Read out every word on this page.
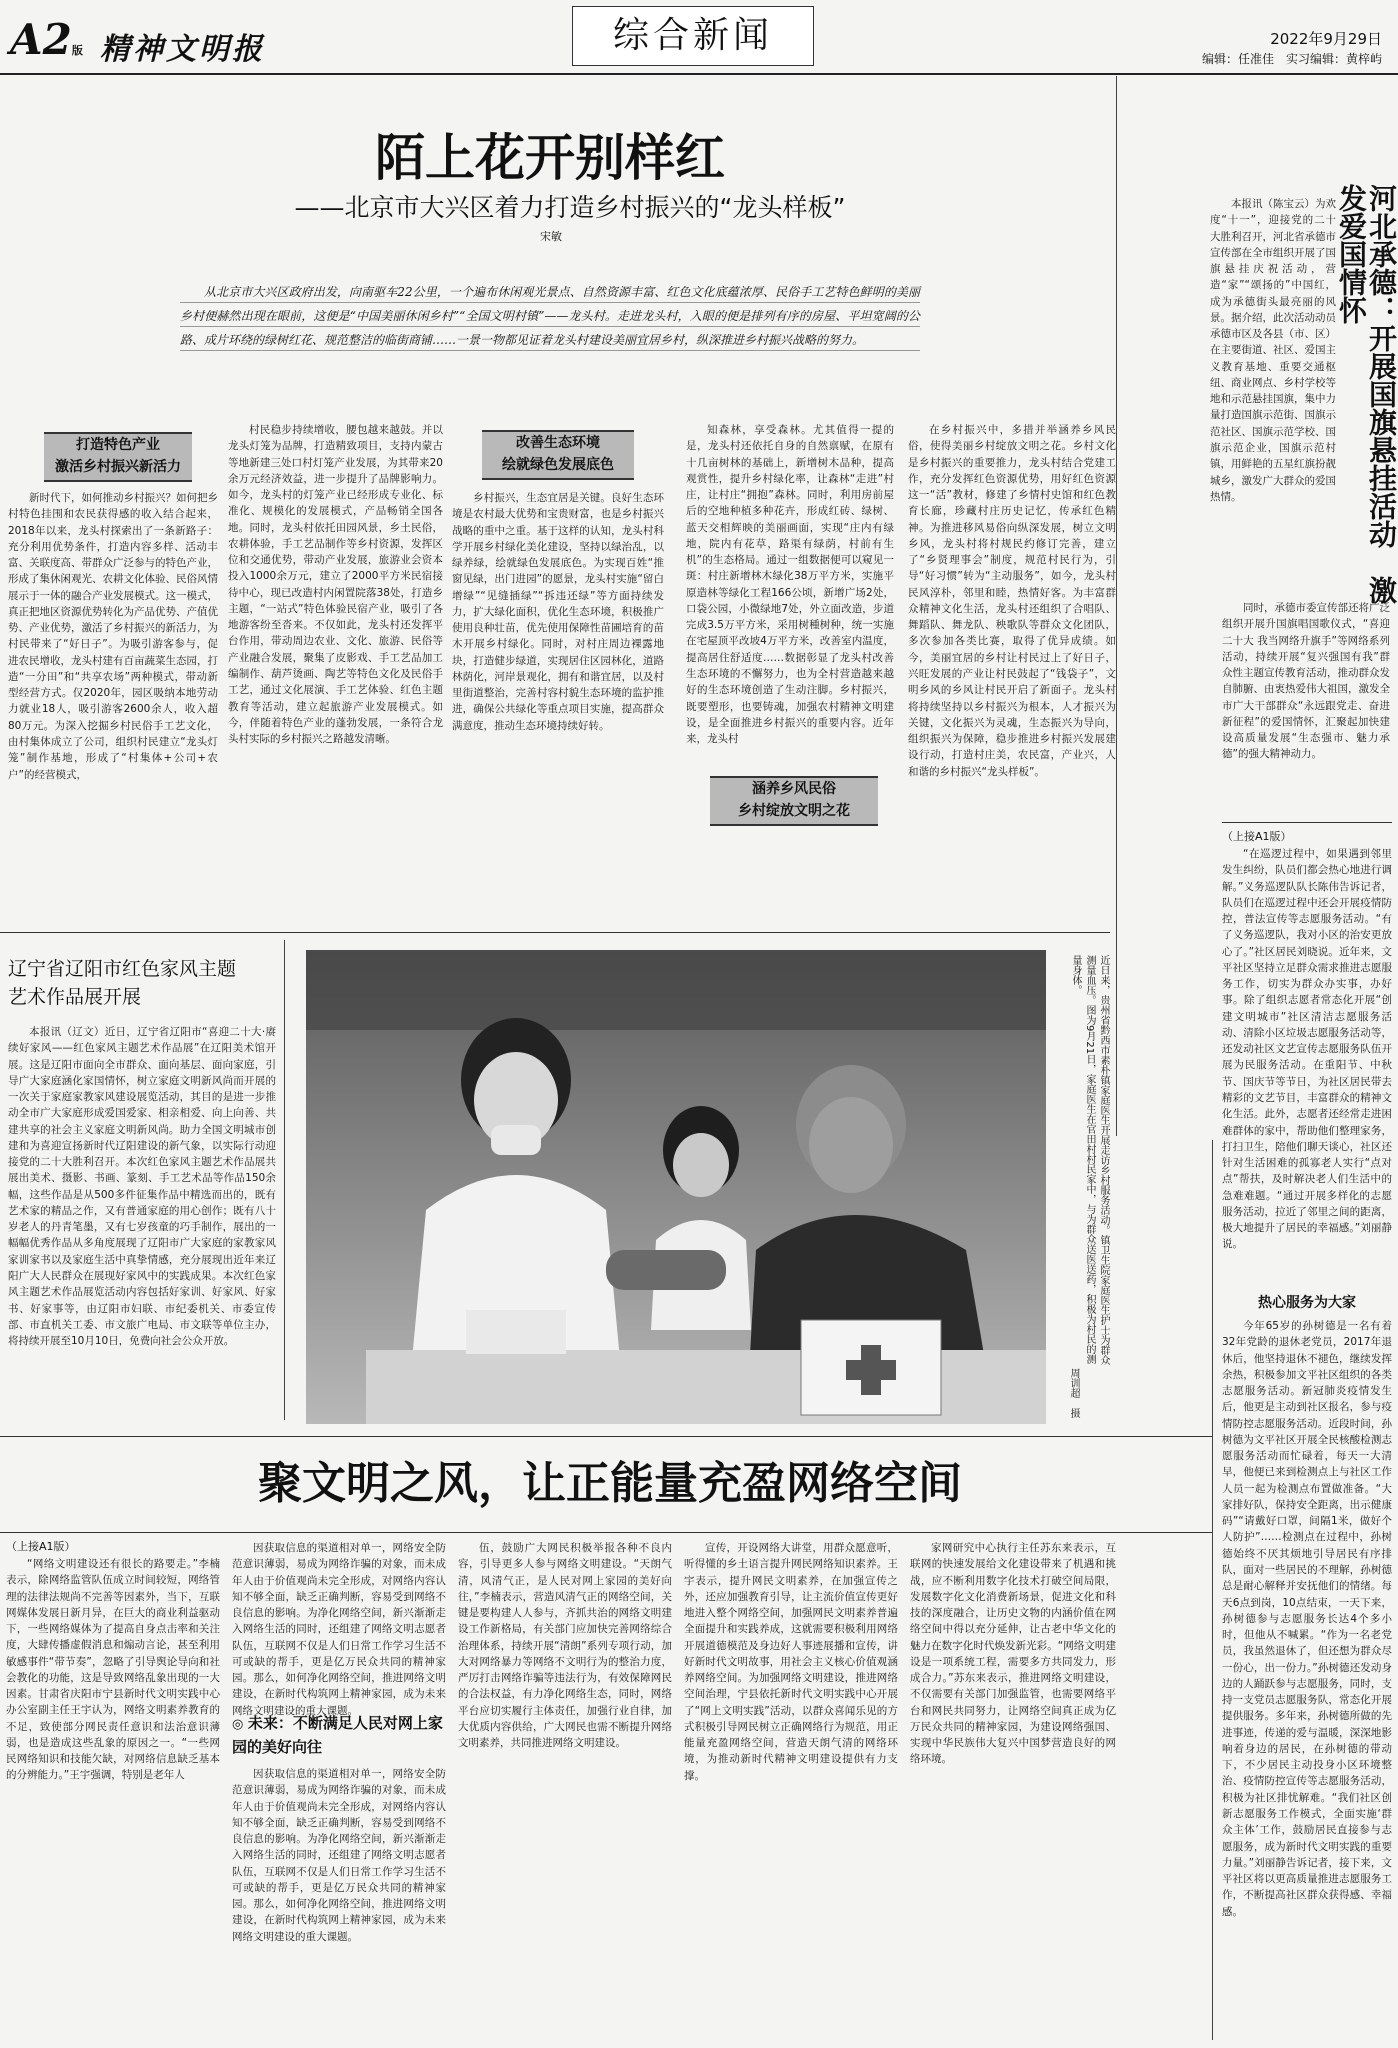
A2版 精神文明报	综合新闻	2022年9月29日
编辑：任准佳　实习编辑：黄梓屿
陌上花开别样红
——北京市大兴区着力打造乡村振兴的“龙头样板”
宋敏
从北京市大兴区政府出发，向南驱车22公里，一个遍布休闲观光景点、自然资源丰富、红色文化底蕴浓厚、民俗手工艺特色鲜明的美丽乡村便赫然出现在眼前，这便是“中国美丽休闲乡村”“全国文明村镇”——龙头村。走进龙头村，入眼的便是排列有序的房屋、平坦宽阔的公路、成片环绕的绿树红花、规范整洁的临街商铺……一景一物都见证着龙头村建设美丽宜居乡村，纵深推进乡村振兴战略的努力。

新时代下，如何推动乡村振兴？如何把乡村特色挂围和农民获得感的收入结合起来，2018年以来，龙头村探索出了一条新路子：充分利用优势条件，打造内容多样、活动丰富、关联度高、带群众广泛参与的特色产业，形成了集休闲观光、农耕文化体验、民俗风情展示于一体的融合产业发展模式。这一模式，真正把地区资源优势转化为产品优势、产值优势、产业优势，激活了乡村振兴的新活力，为村民带来了“好日子”。为吸引游客参与，促进农民增收，龙头村建有百亩蔬菜生态园，打造“一分田”和“共享农场”两种模式，带动新型经营方式。仅2020年，园区吸纳本地劳动力就业18人，吸引游客2600余人，收入超80万元。为深入挖掘乡村民俗手工艺文化，由村集体成立了公司，组织村民建立“龙头灯笼”制作基地，形成了“村集体+公司+农户”的经营模式，

村民稳步持续增收，腰包越来越鼓。并以龙头灯笼为品牌，打造精致项目，支持内蒙古等地新建三处口村灯笼产业发展，为其带来20余万元经济效益，进一步提升了品牌影响力。如今，龙头村的灯笼产业已经形成专业化、标准化、规模化的发展模式，产品畅销全国各地。同时，龙头村依托田园风景，乡土民俗，农耕体验，手工艺品制作等乡村资源，发挥区位和交通优势，带动产业发展，旅游业会资本投入1000余万元，建立了2000平方米民宿接待中心，现已改造村内闲置院落38处，打造乡主题，“一站式”特色体验民宿产业，吸引了各地游客纷至沓来。不仅如此，龙头村还发挥平台作用，带动周边农业、文化、旅游、民俗等产业融合发展，聚集了皮影戏、手工艺品加工编制作、葫芦烫画、陶艺等特色文化及民俗手工艺，通过文化展演、手工艺体验、红色主题教育等活动，建立起旅游产业发展模式。如今，伴随着特色产业的蓬勃发展，一条符合龙头村实际的乡村振兴之路越发清晰。

乡村振兴，生态宜居是关键。良好生态环境是农村最大优势和宝贵财富，也是乡村振兴战略的重中之重。基于这样的认知，龙头村科学开展乡村绿化美化建设，坚持以绿治乱，以绿养绿，绘就绿色发展底色。为实现百姓“推窗见绿，出门进园”的愿景，龙头村实施“留白增绿”“见缝插绿”“拆违还绿”等方面持续发力，扩大绿化面积，优化生态环境，积极推广使用良种壮苗，优先使用保障性苗圃培育的苗木开展乡村绿化。同时，对村庄周边裸露地块，打造健步绿道，实现居住区园林化，道路林荫化，河岸景观化，拥有和谐宜居，以及村里街道整治，完善村容村貌生态环境的监护推进，确保公共绿化等重点项目实施，提高群众满意度，推动生态环境持续好转。

知森林，享受森林。尤其值得一提的是，龙头村还依托自身的自然禀赋，在原有十几亩树林的基础上，新增树木品种，提高观赏性，提升乡村绿化率，让森林“走进”村庄，让村庄“拥抱”森林。同时，利用房前屋后的空地种植多种花卉，形成红砖、绿树、蓝天交相辉映的美丽画面，实现“庄内有绿地，院内有花草，路渠有绿荫，村前有生机”的生态格局。通过一组数据便可以窥见一斑：村庄新增林木绿化38万平方米，实施平原造林等绿化工程166公顷，新增广场2处，口袋公园，小微绿地7处，外立面改造，步道完成3.5万平方米，采用树種树种，统一实施在宅屋顶平改坡4万平方米，改善室内温度，提高居住舒适度……数据彰显了龙头村改善生态环境的不懈努力，也为全村营造越来越好的生态环境创造了生动注脚。乡村振兴，既要塑形，也要铸魂，加强农村精神文明建设，是全面推进乡村振兴的重要内容。近年来，龙头村

在乡村振兴中，多措并举涵养乡风民俗，使得美丽乡村绽放文明之花。乡村文化是乡村振兴的重要推力，龙头村结合党建工作，充分发挥红色资源优势，用好红色资源这一“活”教材，修建了乡情村史馆和红色教育长廊，珍藏村庄历史记忆，传承红色精神。为推进移风易俗向纵深发展，树立文明乡风，龙头村将村规民约修订完善，建立了“乡贤理事会”制度，规范村民行为，引导“好习惯”转为“主动服务”，如今，龙头村民风淳朴，邻里和睦，热情好客。为丰富群众精神文化生活，龙头村还组织了合唱队、舞蹈队、舞龙队、秧歌队等群众文化团队，多次参加各类比赛，取得了优异成绩。如今，美丽宜居的乡村让村民过上了好日子，兴旺发展的产业让村民鼓起了“钱袋子”，文明乡风的乡风让村民开启了新面子。龙头村将持续坚持以乡村振兴为根本，人才振兴为关键，文化振兴为灵魂，生态振兴为导向，组织振兴为保障，稳步推进乡村振兴发展建设行动，打造村庄美，农民富，产业兴，人和谐的乡村振兴“龙头样板”。

打造特色产业
激活乡村振兴新活力
改善生态环境
绘就绿色发展底色
涵养乡风民俗
乡村绽放文明之花
河北承德：开展国旗悬挂活动　激发爱国情怀

本报讯（陈宝云）为欢度“十一”，迎接党的二十大胜利召开，河北省承德市宣传部在全市组织开展了国旗悬挂庆祝活动，营造“家”“颂扬的”中国红，成为承德街头最亮丽的风景。据介绍，此次活动动员承德市区及各县（市、区）在主要街道、社区、爱国主义教育基地、重要交通枢纽、商业网点、乡村学校等地和示范悬挂国旗，集中力量打造国旗示范街、国旗示范社区、国旗示范学校、国旗示范企业，国旗示范村镇，用鲜艳的五星红旗扮靓城乡，激发广大群众的爱国热情。

同时，承德市委宣传部还将广泛组织开展升国旗唱国歌仪式，“喜迎二十大 我当网络升旗手”等网络系列活动，持续开展“复兴强国有我”群众性主题宣传教育活动，推动群众发自肺腑、由衷热爱伟大祖国，激发全市广大干部群众“永远跟党走、奋进新征程”的爱国情怀，汇聚起加快建设高质量发展“生态强市、魅力承德”的强大精神动力。

（上接A1版）

“在巡逻过程中，如果遇到邻里发生纠纷，队员们都会热心地进行调解。”义务巡逻队队长陈伟告诉记者，队员们在巡逻过程中还会开展疫情防控，普法宣传等志愿服务活动。“有了义务巡逻队，我对小区的治安更放心了。”社区居民刘晓说。近年来，文平社区坚持立足群众需求推进志愿服务工作，切实为群众办实事，办好事。除了组织志愿者常态化开展“创建文明城市”社区清洁志愿服务活动、清除小区垃圾志愿服务活动等，还发动社区文艺宣传志愿服务队伍开展为民服务活动。在重阳节、中秋节、国庆节等节日，为社区居民带去精彩的文艺节目，丰富群众的精神文化生活。此外，志愿者还经常走进困难群体的家中，帮助他们整理家务，打扫卫生，陪他们聊天谈心，社区还针对生活困难的孤寡老人实行“点对点”帮扶，及时解决老人们生活中的急难难题。“通过开展多样化的志愿服务活动，拉近了邻里之间的距离，极大地提升了居民的幸福感。”刘丽静说。

热心服务为大家

今年65岁的孙树德是一名有着32年党龄的退休老党员，2017年退休后，他坚持退休不褪色，继续发挥余热，积极参加文平社区组织的各类志愿服务活动。新冠肺炎疫情发生后，他更是主动到社区报名，参与疫情防控志愿服务活动。近段时间，孙树德为文平社区开展全民核酸检测志愿服务活动而忙碌着，每天一大清早，他便已来到检测点上与社区工作人员一起为检测点布置做准备。“大家排好队，保持安全距离，出示健康码”“请戴好口罩，间隔1米，做好个人防护”……检测点在过程中，孙树德始终不厌其烦地引导居民有序排队，面对一些居民的不理解，孙树德总是耐心解释并安抚他们的情绪。每天6点到岗，10点结束，一天下来，孙树德参与志愿服务长达4个多小时，但他从不喊累。“作为一名老党员，我虽然退休了，但还想为群众尽一份心，出一份力。”孙树德还发动身边的人踊跃参与志愿服务，同时，支持一支党员志愿服务队，常态化开展提供服务。多年来，孙树德所做的先进事迹，传递的爱与温暖，深深地影响着身边的居民，在孙树德的带动下，不少居民主动投身小区环境整治、疫情防控宣传等志愿服务活动，积极为社区排忧解难。“我们社区创新志愿服务工作模式，全面实施‘群众主体’工作，鼓励居民直接参与志愿服务，成为新时代文明实践的重要力量。”刘丽静告诉记者，接下来，文平社区将以更高质量推进志愿服务工作，不断提高社区群众获得感、幸福感。

辽宁省辽阳市红色家风主题艺术作品展开展

本报讯（辽文）近日，辽宁省辽阳市“喜迎二十大·赓续好家风——红色家风主题艺术作品展”在辽阳美术馆开展。这是辽阳市面向全市群众、面向基层、面向家庭，引导广大家庭涵化家国情怀，树立家庭文明新风尚而开展的一次关于家庭家教家风建设展览活动，其目的是进一步推动全市广大家庭形成爱国爱家、相亲相爱、向上向善、共建共享的社会主义家庭文明新风尚。助力全国文明城市创建和为喜迎宣扬新时代辽阳建设的新气象，以实际行动迎接党的二十大胜利召开。本次红色家风主题艺术作品展共展出美术、摄影、书画、篆刻、手工艺术品等作品150余幅，这些作品是从500多件征集作品中精选而出的，既有艺术家的精品之作，又有普通家庭的用心创作；既有八十岁老人的丹青笔墨，又有七岁孩童的巧手制作，展出的一幅幅优秀作品从多角度展现了辽阳市广大家庭的家教家风家训家书以及家庭生活中真挚情感，充分展现出近年来辽阳广大人民群众在展现好家风中的实践成果。本次红色家风主题艺术作品展览活动内容包括好家训、好家风、好家书、好家事等，由辽阳市妇联、市纪委机关、市委宣传部、市直机关工委、市文旅广电局、市文联等单位主办，将持续开展至10月10日，免费向社会公众开放。	近日来，贵州省黔西市素朴镇家庭医生开展走访乡村服务活动。镇卫生院家庭医生护士为群众测量血压。图为9月21日，家庭医生在官田村村民家中，与为群众送医送药，积极为村民的测量身体。
周训超　摄
聚文明之风，让正能量充盈网络空间
（上接A1版）

“网络文明建设还有很长的路要走。”李楠表示，除网络监管队伍成立时间较短，网络管理的法律法规尚不完善等因素外，当下，互联网媒体发展日新月异，在巨大的商业利益驱动下，一些网络媒体为了提高自身点击率和关注度，大肆传播虚假消息和煽动言论，甚至利用敏感事件“带节奏”，忽略了引导舆论导向和社会教化的功能，这是导致网络乱象出现的一大因素。甘肃省庆阳市宁县新时代文明实践中心办公室副主任王宇认为，网络文明素养教育的不足，致使部分网民责任意识和法治意识薄弱，也是造成这些乱象的原因之一。“一些网民网络知识和技能欠缺，对网络信息缺乏基本的分辨能力。”王宇强调，特别是老年人

因获取信息的渠道相对单一，网络安全防范意识薄弱，易成为网络诈骗的对象，而未成年人由于价值观尚未完全形成，对网络内容认知不够全面，缺乏正确判断，容易受到网络不良信息的影响。为净化网络空间，新兴渐渐走入网络生活的同时，还组建了网络文明志愿者队伍，互联网不仅是人们日常工作学习生活不可或缺的帮手，更是亿万民众共同的精神家园。那么，如何净化网络空间，推进网络文明建设，在新时代构筑网上精神家园，成为未来网络文明建设的重大课题。

◎ 未来：不断满足人民对网上家园的美好向往

因获取信息的渠道相对单一，网络安全防范意识薄弱，易成为网络诈骗的对象，而未成年人由于价值观尚未完全形成，对网络内容认知不够全面，缺乏正确判断，容易受到网络不良信息的影响。为净化网络空间，新兴渐渐走入网络生活的同时，还组建了网络文明志愿者队伍，互联网不仅是人们日常工作学习生活不可或缺的帮手，更是亿万民众共同的精神家园。那么，如何净化网络空间，推进网络文明建设，在新时代构筑网上精神家园，成为未来网络文明建设的重大课题。

伍，鼓励广大网民积极举报各种不良内容，引导更多人参与网络文明建设。“天朗气清，风清气正，是人民对网上家园的美好向往，”李楠表示，营造风清气正的网络空间，关键是要构建人人参与，齐抓共治的网络文明建设工作新格局，有关部门应加快完善网络综合治理体系，持续开展“清朗”系列专项行动，加大对网络暴力等网络不文明行为的整治力度，严厉打击网络诈骗等违法行为，有效保障网民的合法权益，有力净化网络生态，同时，网络平台应切实履行主体责任，加强行业自律，加大优质内容供给，广大网民也需不断提升网络文明素养，共同推进网络文明建设。

宣传，开设网络大讲堂，用群众愿意听，听得懂的乡土语言提升网民网络知识素养。王宇表示，提升网民文明素养，在加强宣传之外，还应加强教育引导，让主流价值宣传更好地进入整个网络空间，加强网民文明素养普遍全面提升和实践养成，这就需要积极利用网络开展道德模范及身边好人事迹展播和宣传，讲好新时代文明故事，用社会主义核心价值观涵养网络空间。为加强网络文明建设，推进网络空间治理，宁县依托新时代文明实践中心开展了“网上文明实践”活动，以群众喜闻乐见的方式积极引导网民树立正确网络行为规范，用正能量充盈网络空间，营造天朗气清的网络环境，为推动新时代精神文明建设提供有力支撑。

家网研究中心执行主任苏东来表示，互联网的快速发展给文化建设带来了机遇和挑战，应不断利用数字化技术打破空间局限，发展数字化文化消费新场景，促进文化和科技的深度融合，让历史文物的内涵价值在网络空间中得以充分延伸，让古老中华文化的魅力在数字化时代焕发新光彩。“网络文明建设是一项系统工程，需要多方共同发力，形成合力。”苏东来表示，推进网络文明建设，不仅需要有关部门加强监管，也需要网络平台和网民共同努力，让网络空间真正成为亿万民众共同的精神家园，为建设网络强国、实现中华民族伟大复兴中国梦营造良好的网络环境。
